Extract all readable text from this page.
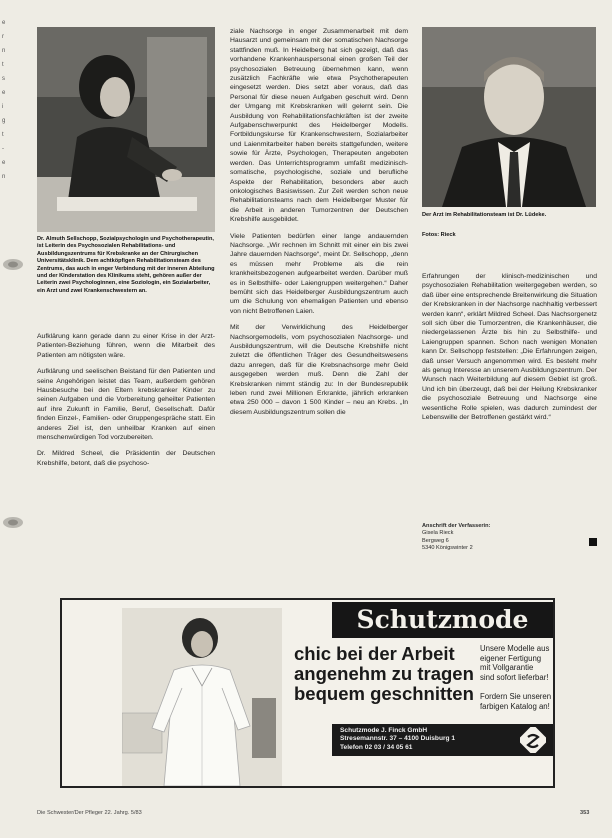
e
r
n
t
s
e
i
g
t
-
e
n
Dr. Almuth Sellschopp, Sozialpsychologin und Psychotherapeutin, ist Leiterin des Psychosozialen Rehabilitations- und Ausbildungszentrums für Krebskranke an der Chirurgischen Universitätsklinik. Dem achtköpfigen Rehabilitationsteam des Zentrums, das auch in enger Verbindung mit der inneren Abteilung und der Kinderstation des Klinikums steht, gehören außer der Leiterin zwei Psychologinnen, eine Soziologin, ein Sozialarbeiter, ein Arzt und zwei Krankenschwestern an.
Der Arzt im Rehabilitationsteam ist Dr. Lüdeke.
Fotos: Rieck

Aufklärung kann gerade dann zu einer Krise in der Arzt-Patienten-Beziehung führen, wenn die Mitarbeit des Patienten am nötigsten wäre.

Aufklärung und seelischen Beistand für den Patienten und seine Angehörigen leistet das Team, außerdem gehören Hausbesuche bei den Eltern krebskranker Kinder zu seinen Aufgaben und die Vorbereitung geheilter Patienten auf ihre Zukunft in Familie, Beruf, Gesellschaft. Dafür finden Einzel-, Familien- oder Gruppengespräche statt. Ein anderes Ziel ist, den unheilbar Kranken auf einen menschenwürdigen Tod vorzubereiten.

Dr. Mildred Scheel, die Präsidentin der Deutschen Krebshilfe, betont, daß die psychoso-

ziale Nachsorge in enger Zusammenarbeit mit dem Hausarzt und gemeinsam mit der somatischen Nachsorge stattfinden muß. In Heidelberg hat sich gezeigt, daß das vorhandene Krankenhauspersonal einen großen Teil der psychosozialen Betreuung übernehmen kann, wenn zusätzlich Fachkräfte wie etwa Psychotherapeuten eingesetzt werden. Dies setzt aber voraus, daß das Personal für diese neuen Aufgaben geschult wird. Denn der Umgang mit Krebskranken will gelernt sein. Die Ausbildung von Rehabilitationsfachkräften ist der zweite Aufgabenschwerpunkt des Heidelberger Modells. Fortbildungskurse für Krankenschwestern, Sozialarbeiter und Laienmitarbeiter haben bereits stattgefunden, weitere sowie für Ärzte, Psychologen, Therapeuten angeboten werden. Das Unterrichtsprogramm umfaßt medizinisch-somatische, psychologische, soziale und berufliche Aspekte der Rehabilitation, besonders aber auch onkologisches Basiswissen. Zur Zeit werden schon neue Rehabilitationsteams nach dem Heidelberger Muster für die Arbeit in anderen Tumorzentren der Deutschen Krebshilfe ausgebildet.

Viele Patienten bedürfen einer lange andauernden Nachsorge. „Wir rechnen im Schnitt mit einer ein bis zwei Jahre dauernden Nachsorge“, meint Dr. Sellschopp, „denn es müssen mehr Probleme als die rein krankheitsbezogenen aufgearbeitet werden. Darüber muß es in Selbsthilfe- oder Laiengruppen weitergehen.“ Daher bemüht sich das Heidelberger Ausbildungszentrum auch um die Schulung von ehemaligen Patienten und ebenso von nicht Betroffenen Laien.

Mit der Verwirklichung des Heidelberger Nachsorgemodells, vom psychosozialen Nachsorge- und Ausbildungszentrum, will die Deutsche Krebshilfe nicht zuletzt die öffentlichen Träger des Gesundheitswesens dazu anregen, daß für die Krebsnachsorge mehr Geld ausgegeben werden muß. Denn die Zahl der Krebskranken nimmt ständig zu: In der Bundesrepublik leben rund zwei Millionen Erkrankte, jährlich erkranken etwa 250 000 – davon 1 500 Kinder – neu an Krebs. „In diesem Ausbildungszentrum sollen die

Erfahrungen der klinisch-medizinischen und psychosozialen Rehabilitation weitergegeben werden, so daß über eine entsprechende Breitenwirkung die Situation der Krebskranken in der Nachsorge nachhaltig verbessert werden kann“, erklärt Mildred Scheel. Das Nachsorgenetz soll sich über die Tumorzentren, die Krankenhäuser, die niedergelassenen Ärzte bis hin zu Selbsthilfe- und Laiengruppen spannen. Schon nach wenigen Monaten kann Dr. Sellschopp feststellen: „Die Erfahrungen zeigen, daß unser Versuch angenommen wird. Es besteht mehr als genug Interesse an unserem Ausbildungszentrum. Der Wunsch nach Weiterbildung auf diesem Gebiet ist groß. Und ich bin überzeugt, daß bei der Heilung Krebskranker die psychosoziale Betreuung und Nachsorge eine wesentliche Rolle spielen, was dadurch zumindest der Lebenswille der Betroffenen gestärkt wird.“

Anschrift der Verfasserin:
Gisela Rieck
Bergweg 6
5340 Königswinter 2
Schutzmode
chic bei der Arbeit
angenehm zu tragen
bequem geschnitten
Unsere Modelle aus
eigener Fertigung
mit Vollgarantie
sind sofort lieferbar!
Fordern Sie unseren
farbigen Katalog an!
Schutzmode J. Finck GmbH
Stresemannstr. 37 – 4100 Duisburg 1
Telefon 02 03 / 34 05 61
Die Schwester/Der Pfleger 22. Jahrg. 5/83	353
